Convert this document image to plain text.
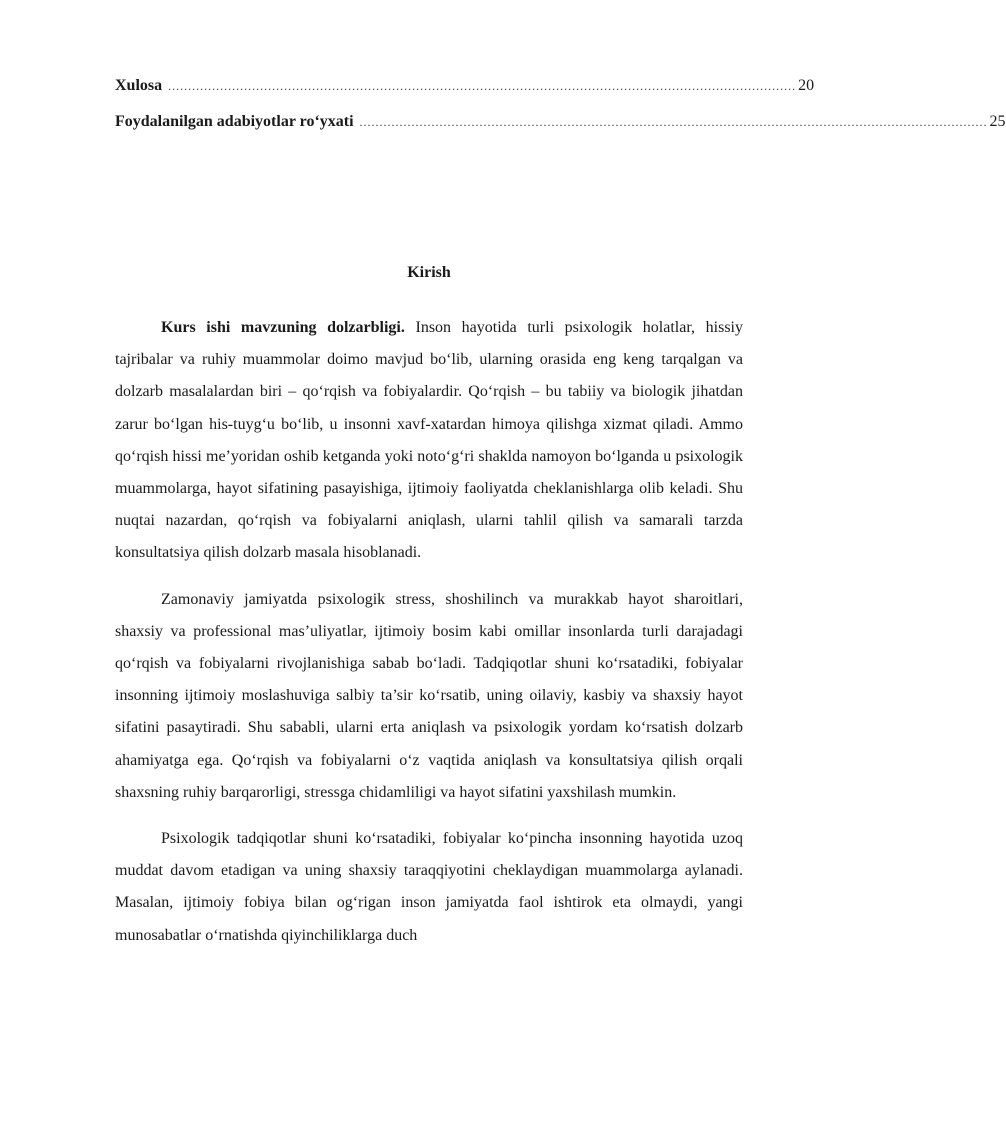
Xulosa ............................................................................................................................................................. 20
Foydalanilgan adabiyotlar ro‘yxati ............................................................................................................................................................. 25
Kirish

Kurs ishi mavzuning dolzarbligi. Inson hayotida turli psixologik holatlar, hissiy tajribalar va ruhiy muammolar doimo mavjud bo‘lib, ularning orasida eng keng tarqalgan va dolzarb masalalardan biri – qo‘rqish va fobiyalardir. Qo‘rqish – bu tabiiy va biologik jihatdan zarur bo‘lgan his-tuyg‘u bo‘lib, u insonni xavf-xatardan himoya qilishga xizmat qiladi. Ammo qo‘rqish hissi me’yoridan oshib ketganda yoki noto‘g‘ri shaklda namoyon bo‘lganda u psixologik muammolarga, hayot sifatining pasayishiga, ijtimoiy faoliyatda cheklanishlarga olib keladi. Shu nuqtai nazardan, qo‘rqish va fobiyalarni aniqlash, ularni tahlil qilish va samarali tarzda konsultatsiya qilish dolzarb masala hisoblanadi.

Zamonaviy jamiyatda psixologik stress, shoshilinch va murakkab hayot sharoitlari, shaxsiy va professional mas’uliyatlar, ijtimoiy bosim kabi omillar insonlarda turli darajadagi qo‘rqish va fobiyalarni rivojlanishiga sabab bo‘ladi. Tadqiqotlar shuni ko‘rsatadiki, fobiyalar insonning ijtimoiy moslashuviga salbiy ta’sir ko‘rsatib, uning oilaviy, kasbiy va shaxsiy hayot sifatini pasaytiradi. Shu sababli, ularni erta aniqlash va psixologik yordam ko‘rsatish dolzarb ahamiyatga ega. Qo‘rqish va fobiyalarni o‘z vaqtida aniqlash va konsultatsiya qilish orqali shaxsning ruhiy barqarorligi, stressga chidamliligi va hayot sifatini yaxshilash mumkin.

Psixologik tadqiqotlar shuni ko‘rsatadiki, fobiyalar ko‘pincha insonning hayotida uzoq muddat davom etadigan va uning shaxsiy taraqqiyotini cheklaydigan muammolarga aylanadi. Masalan, ijtimoiy fobiya bilan og‘rigan inson jamiyatda faol ishtirok eta olmaydi, yangi munosabatlar o‘rnatishda qiyinchiliklarga duch
